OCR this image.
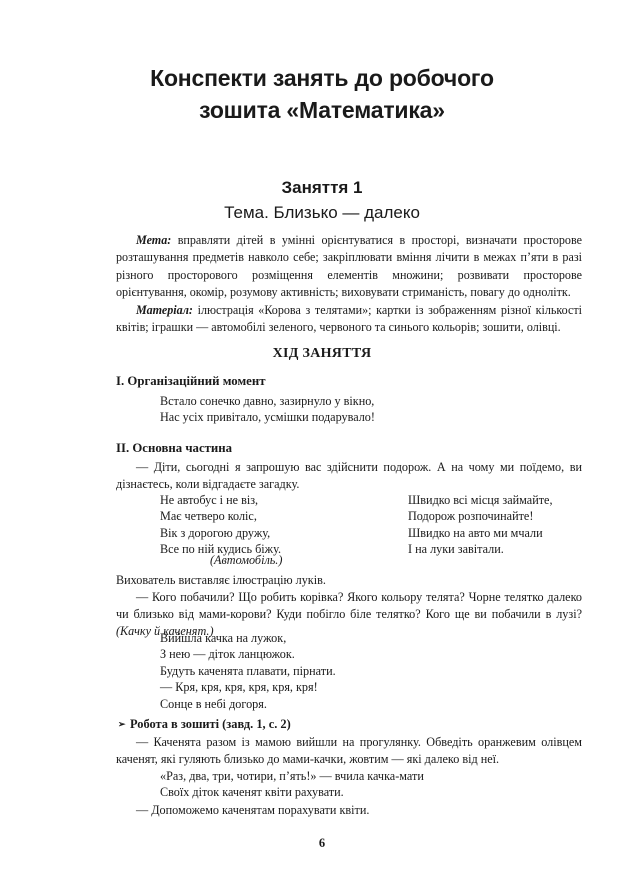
Конспекти занять до робочого
зошита «Математика»
Заняття 1
Тема. Близько — далеко

Мета: вправляти дітей в умінні орієнтуватися в просторі, визначати просторове розташування предметів навколо себе; закріплювати вміння лічити в межах п’яти в разі різного просторового розміщення елементів множини; розвивати просторове орієнтування, окомір, розумову активність; виховувати стриманість, повагу до однолітк.

Матеріал: ілюстрація «Корова з телятами»; картки із зображенням різної кількості квітів; іграшки — автомобілі зеленого, червоного та синього кольорів; зошити, олівці.

ХІД ЗАНЯТТЯ
І. Організаційний момент
Встало сонечко давно, зазирнуло у вікно,
Нас усіх привітало, усмішки подарувало!
ІІ. Основна частина

— Діти, сьогодні я запрошую вас здійснити подорож. А на чому ми поїдемо, ви дізнаєтесь, коли відгадаєте загадку.

Не автобус і не віз,
Має четверо коліс,
Вік з дорогою дружу,
Все по ній кудись біжу.
(Автомобіль.)
Швидко всі місця займайте,
Подорож розпочинайте!
Швидко на авто ми мчали
І на луки завітали.
Вихователь виставляє ілюстрацію луків.

— Кого побачили? Що робить корівка? Якого кольору телята? Чорне телятко далеко чи близько від мами-корови? Куди побігло біле телятко? Кого ще ви побачили в лузі? (Качку й каченят.)

Вийшла качка на лужок,
З нею — діток ланцюжок.
Будуть каченята плавати, пірнати.
— Кря, кря, кря, кря, кря, кря!
Сонце в небі догоря.
➢ Робота в зошиті (завд. 1, с. 2)

— Каченята разом із мамою вийшли на прогулянку. Обведіть оранжевим олівцем каченят, які гуляють близько до мами-качки, жовтим — які далеко від неї.

«Раз, два, три, чотири, п’ять!» — вчила качка-мати
Своїх діток каченят квіти рахувати.

— Допоможемо каченятам порахувати квіти.

6
